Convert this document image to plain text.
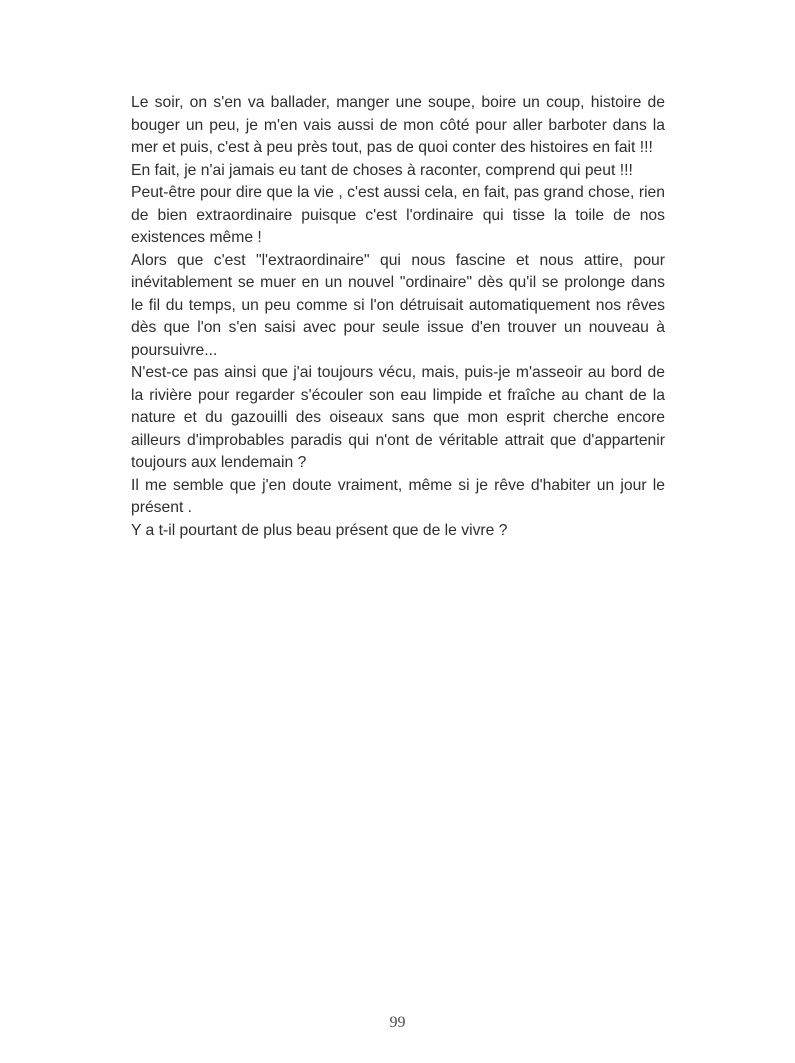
Le soir, on s'en va ballader, manger une soupe, boire un coup, histoire de bouger un peu, je m'en vais aussi de mon côté pour aller barboter dans la mer et puis, c'est à peu près tout, pas de quoi conter des histoires en fait !!!

En fait, je n'ai jamais eu tant de choses à raconter, comprend qui peut !!!

Peut-être pour dire que la vie , c'est aussi cela, en fait, pas grand chose, rien de bien extraordinaire puisque c'est l'ordinaire qui tisse la toile de nos existences même !

Alors que c'est "l'extraordinaire" qui nous fascine et nous attire, pour inévitablement se muer en un nouvel "ordinaire" dès qu'il se prolonge dans le fil du temps, un peu comme si l'on détruisait automatiquement nos rêves dès que l'on s'en saisi avec pour seule issue d'en trouver un nouveau à poursuivre...

N'est-ce pas ainsi que j'ai toujours vécu, mais, puis-je m'asseoir au bord de la rivière pour regarder s'écouler son eau limpide et fraîche au chant de la nature et du gazouilli des oiseaux sans que mon esprit cherche encore ailleurs d'improbables paradis qui n'ont de véritable attrait que d'appartenir toujours aux lendemain ?

Il me semble que j'en doute vraiment, même si je rêve d'habiter un jour le présent .

Y a t-il pourtant de plus beau présent que de le vivre ?

99
